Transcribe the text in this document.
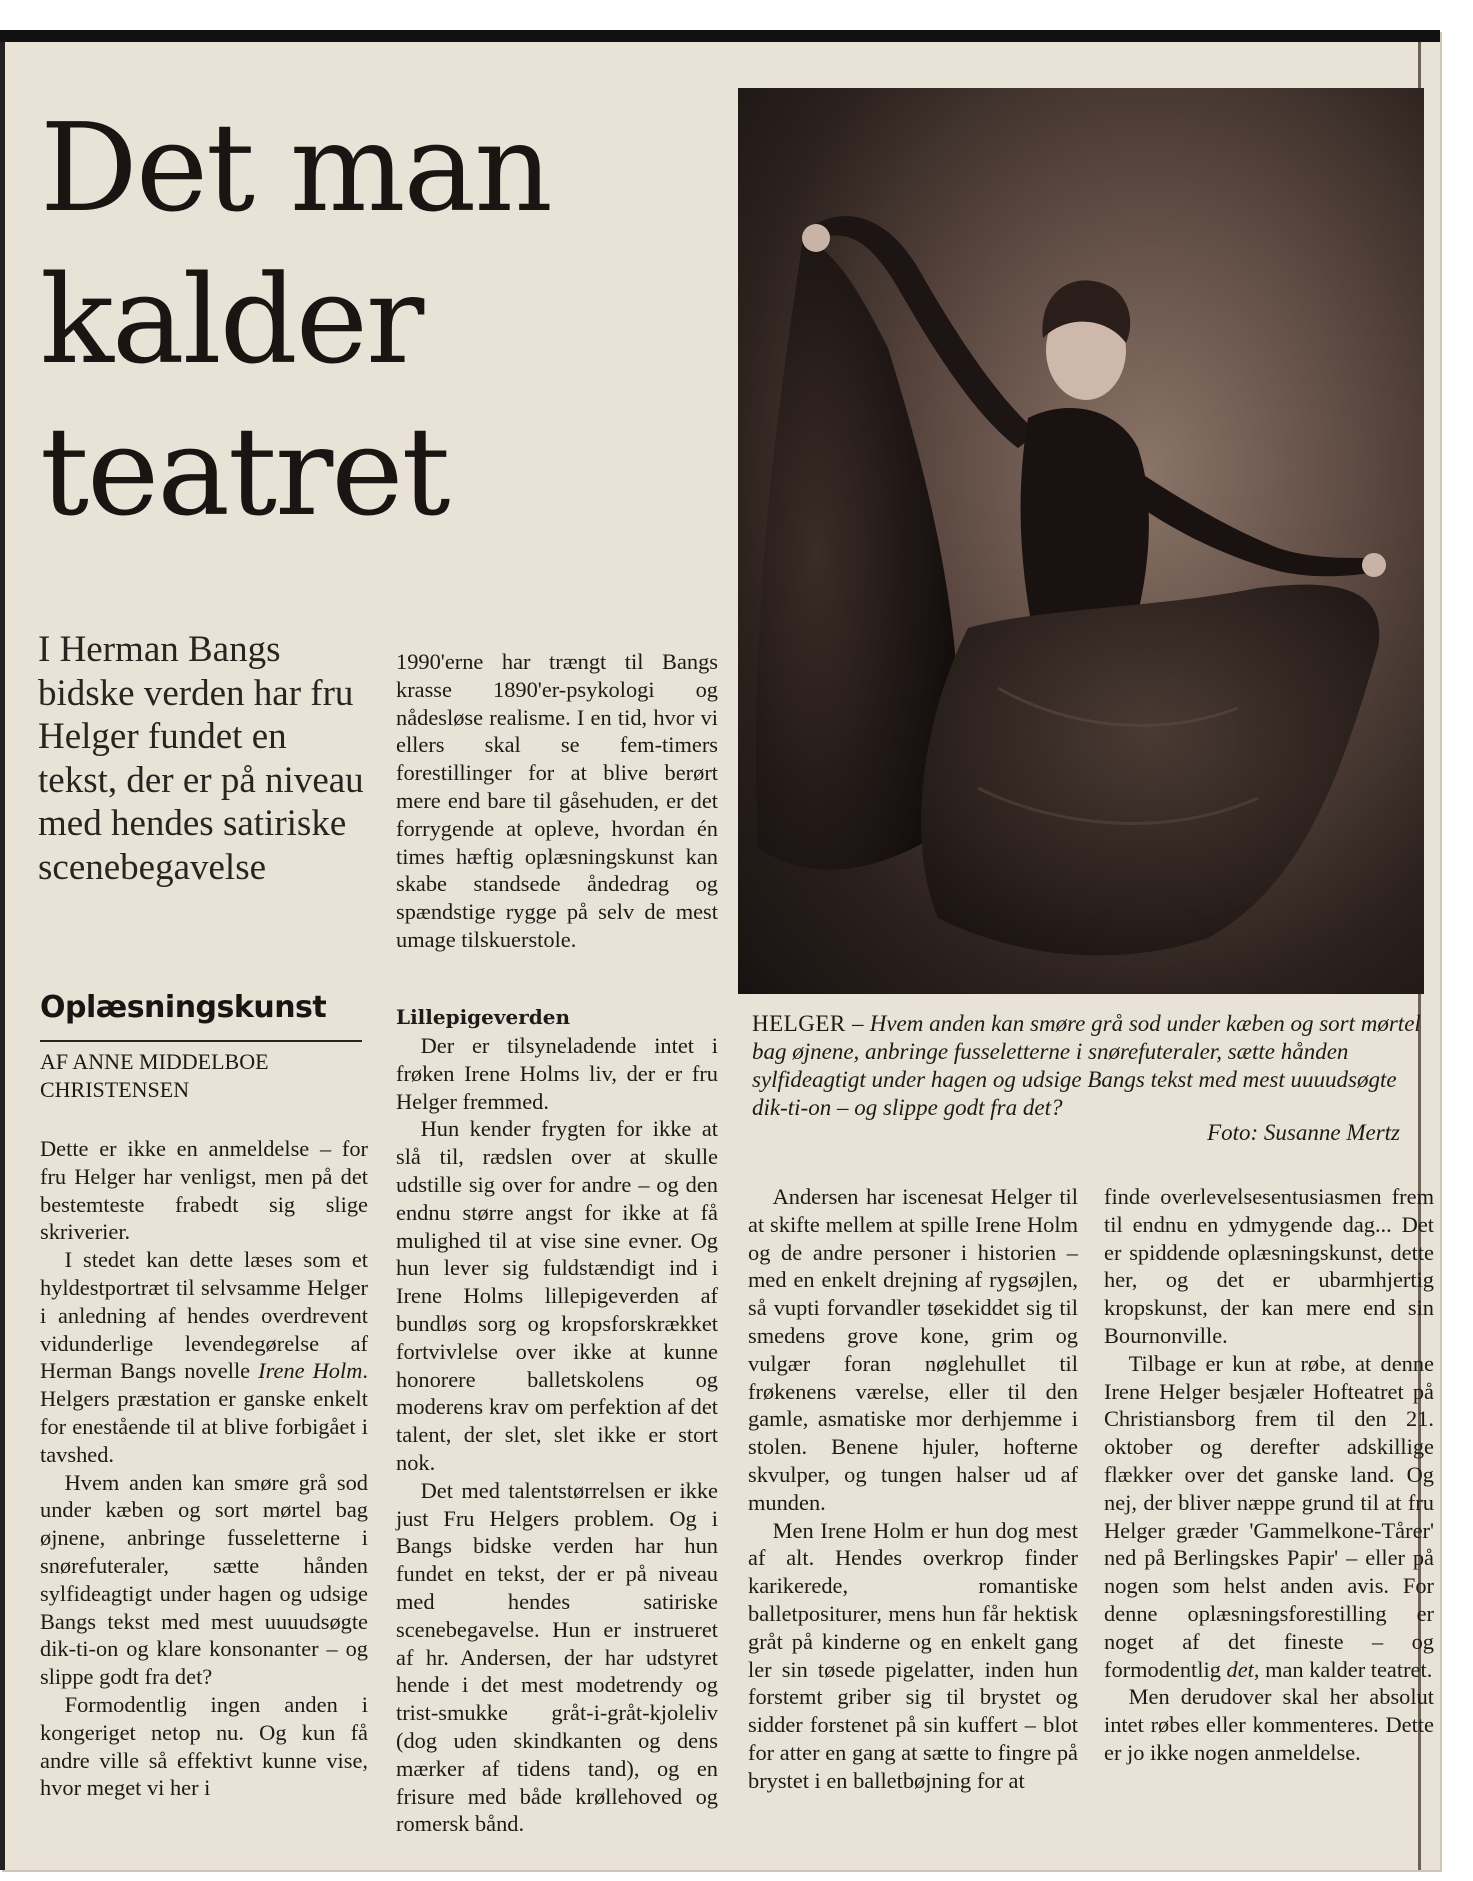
Det man
kalder
teatret

I Herman Bangs bidske verden har fru Helger fundet en tekst, der er på niveau med hendes satiriske scenebegavelse

Oplæsningskunst

AF ANNE MIDDELBOE
CHRISTENSEN

Dette er ikke en anmeldelse – for fru Helger har venligst, men på det bestemteste frabedt sig slige skriverier.

I stedet kan dette læses som et hyldestportræt til selvsamme Helger i anledning af hendes overdrevent vidunderlige levendegørelse af Herman Bangs novelle Irene Holm. Helgers præstation er ganske enkelt for enestående til at blive forbigået i tavshed.

Hvem anden kan smøre grå sod under kæben og sort mørtel bag øjnene, anbringe fusseletterne i snørefuteraler, sætte hånden sylfideagtigt under hagen og udsige Bangs tekst med mest uuuudsøgte dik-ti-on og klare konsonanter – og slippe godt fra det?

Formodentlig ingen anden i kongeriget netop nu. Og kun få andre ville så effektivt kunne vise, hvor meget vi her i

1990'erne har trængt til Bangs krasse 1890'er-psykologi og nådesløse realisme. I en tid, hvor vi ellers skal se fem-timers forestillinger for at blive berørt mere end bare til gåsehuden, er det forrygende at opleve, hvordan én times hæftig oplæsningskunst kan skabe standsede åndedrag og spændstige rygge på selv de mest umage tilskuerstole.

Lillepigeverden

Der er tilsyneladende intet i frøken Irene Holms liv, der er fru Helger fremmed.

Hun kender frygten for ikke at slå til, rædslen over at skulle udstille sig over for andre – og den endnu større angst for ikke at få mulighed til at vise sine evner. Og hun lever sig fuldstændigt ind i Irene Holms lillepigeverden af bundløs sorg og kropsforskrækket fortvivlelse over ikke at kunne honorere balletskolens og moderens krav om perfektion af det talent, der slet, slet ikke er stort nok.

Det med talentstørrelsen er ikke just Fru Helgers problem. Og i Bangs bidske verden har hun fundet en tekst, der er på niveau med hendes satiriske scenebegavelse. Hun er instrueret af hr. Andersen, der har udstyret hende i det mest modetrendy og trist-smukke gråt-i-gråt-kjoleliv (dog uden skindkanten og dens mærker af tidens tand), og en frisure med både krøllehoved og romersk bånd.

Andersen har iscenesat Helger til at skifte mellem at spille Irene Holm og de andre personer i historien – med en enkelt drejning af rygsøjlen, så vupti forvandler tøsekiddet sig til smedens grove kone, grim og vulgær foran nøglehullet til frøkenens værelse, eller til den gamle, asmatiske mor derhjemme i stolen. Benene hjuler, hofterne skvulper, og tungen halser ud af munden.

Men Irene Holm er hun dog mest af alt. Hendes overkrop finder karikerede, romantiske balletpositurer, mens hun får hektisk gråt på kinderne og en enkelt gang ler sin tøsede pigelatter, inden hun forstemt griber sig til brystet og sidder forstenet på sin kuffert – blot for atter en gang at sætte to fingre på brystet i en balletbøjning for at

finde overlevelsesentusiasmen frem til endnu en ydmygende dag... Det er spiddende oplæsningskunst, dette her, og det er ubarmhjertig kropskunst, der kan mere end sin Bournonville.

Tilbage er kun at røbe, at denne Irene Helger besjæler Hofteatret på Christiansborg frem til den 21. oktober og derefter adskillige flækker over det ganske land. Og nej, der bliver næppe grund til at fru Helger græder 'Gammelkone-Tårer' ned på Berlingskes Papir' – eller på nogen som helst anden avis. For denne oplæsningsforestilling er noget af det fineste – og formodentlig det, man kalder teatret.

Men derudover skal her absolut intet røbes eller kommenteres. Dette er jo ikke nogen anmeldelse.

HELGER – Hvem anden kan smøre grå sod under kæben og sort mørtel bag øjnene, anbringe fusseletterne i snørefuteraler, sætte hånden sylfideagtigt under hagen og udsige Bangs tekst med mest uuuudsøgte dik-ti-on – og slippe godt fra det?

Foto: Susanne Mertz
